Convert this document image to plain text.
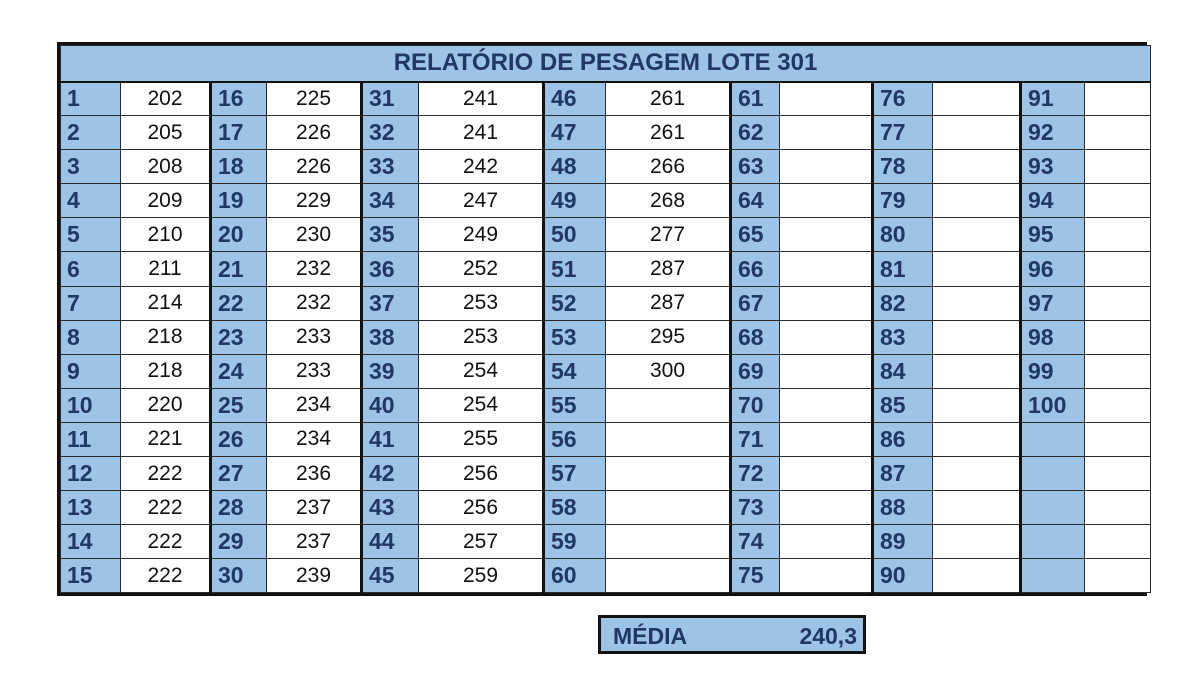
RELATÓRIO DE PESAGEM LOTE 301													
1	202	16	225	31	241	46	261	61		76		91	
2	205	17	226	32	241	47	261	62		77		92	
3	208	18	226	33	242	48	266	63		78		93	
4	209	19	229	34	247	49	268	64		79		94	
5	210	20	230	35	249	50	277	65		80		95	
6	211	21	232	36	252	51	287	66		81		96	
7	214	22	232	37	253	52	287	67		82		97	
8	218	23	233	38	253	53	295	68		83		98	
9	218	24	233	39	254	54	300	69		84		99	
10	220	25	234	40	254	55		70		85		100	
11	221	26	234	41	255	56		71		86			
12	222	27	236	42	256	57		72		87			
13	222	28	237	43	256	58		73		88			
14	222	29	237	44	257	59		74		89			
15	222	30	239	45	259	60		75		90			
MÉDIA	240,3
